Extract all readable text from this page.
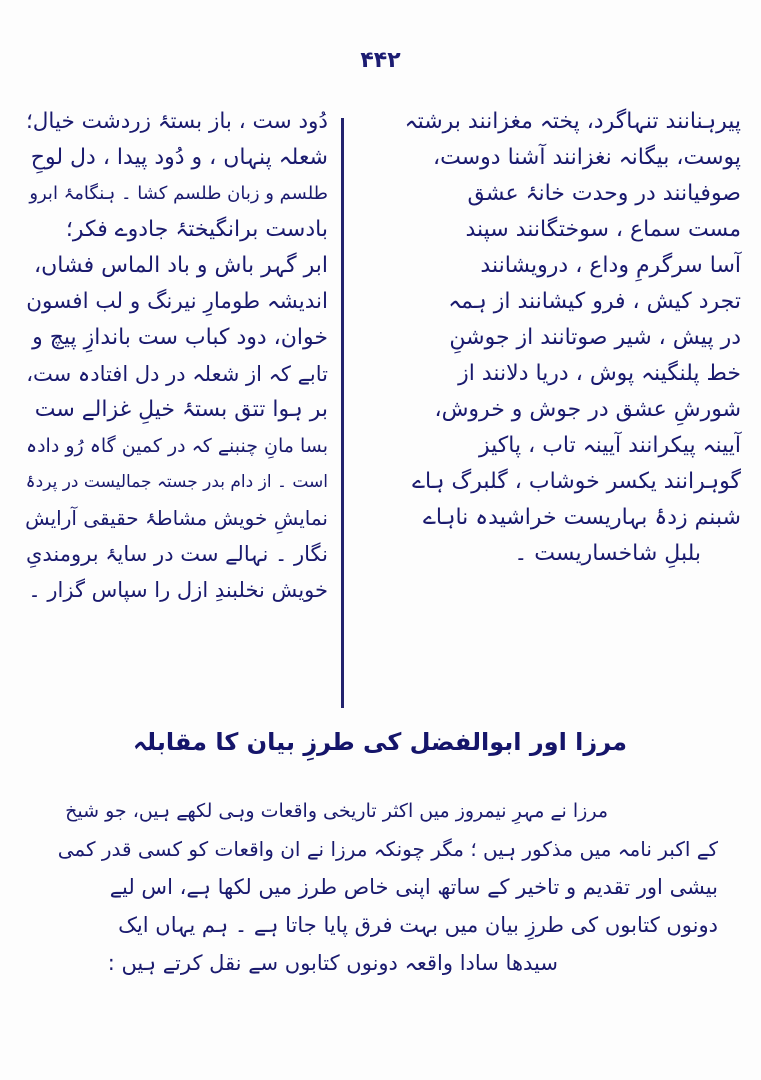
۴۴۲
پیرہنانند تنہاگرد، پختہ مغزانند برشتہ
پوست، بیگانہ نغزانند آشنا دوست،
صوفیانند در وحدت خانۂ عشق
مست سماع ، سوختگانند سپند
آسا سرگرمِ وداع ، درویشانند
تجرد کیش ، فرو کیشانند از ہمہ
در پیش ، شیر صوتانند از جوشنِ
خط پلنگینہ پوش ، دریا دلانند از
شورشِ عشق در جوش و خروش،
آیینہ پیکرانند آیینہ تاب ، پاکیز
گوہرانند یکسر خوشاب ، گلبرگ ہاے
شبنم زدۂ بہاریست خراشیدہ ناہاے
بلبلِ شاخساریست ۔
دُود ست ، باز بستۂ زردشت خیال؛
شعلہ پنہاں ، و دُود پیدا ، دل لوحِ
طلسم و زبان طلسم کشا ۔ ہنگامۂ ابرو
بادست برانگیختۂ جادوے فکر؛
ابر گہر باش و باد الماس فشاں،
اندیشہ طومارِ نیرنگ و لب افسون
خوان، دود کباب ست باندازِ پیچ و
تابے کہ از شعلہ در دل افتادہ ست،
بر ہوا تتق بستۂ خیلِ غزالے ست
بسا مانِ چنبنے کہ در کمین گاہ رُو دادہ
است ۔ از دام بدر جستہ جمالیست در پردۂ
نمایشِ خویش مشاطۂ حقیقی آرایش
نگار ۔ نہالے ست در سایۂ برومندیِ
خویش نخلبندِ ازل را سپاس گزار ۔
مرزا اور ابوالفضل کی طرزِ بیان کا مقابلہ
مرزا نے مہرِ نیمروز میں اکثر تاریخی واقعات وہی لکھے ہیں، جو شیخ
کے اکبر نامہ میں مذکور ہیں ؛ مگر چونکہ مرزا نے ان واقعات کو کسی قدر کمی
بیشی اور تقدیم و تاخیر کے ساتھ اپنی خاص طرز میں لکھا ہے، اس لیے
دونوں کتابوں کی طرزِ بیان میں بہت فرق پایا جاتا ہے ۔ ہم یہاں ایک
سیدھا سادا واقعہ دونوں کتابوں سے نقل کرتے ہیں :
